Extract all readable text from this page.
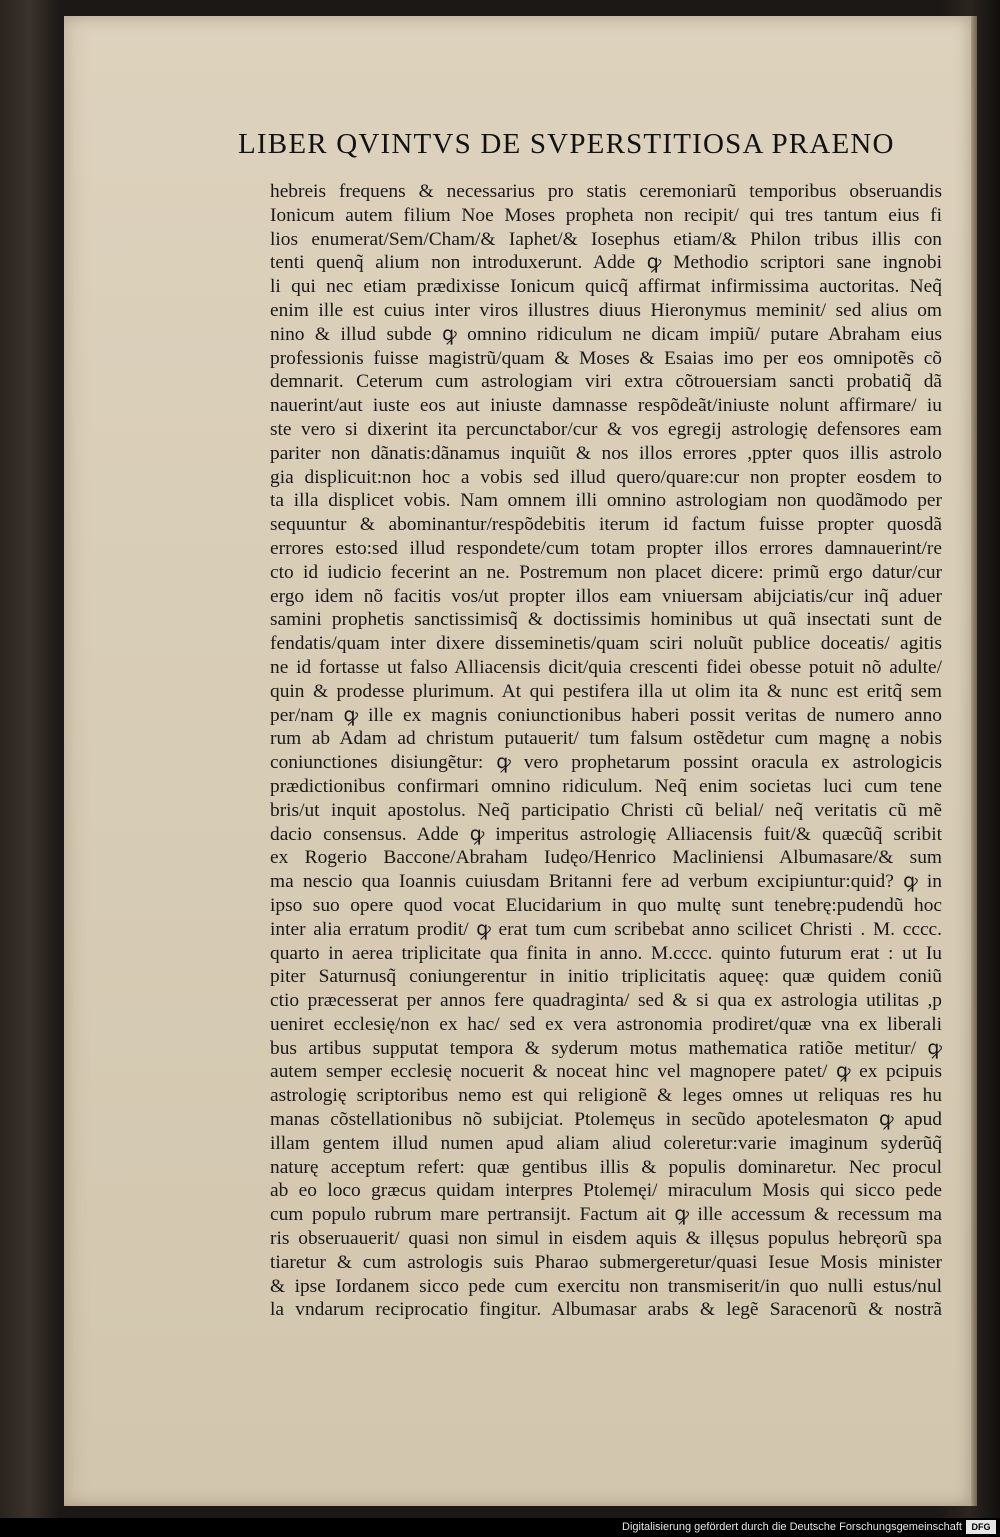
LIBER QVINTVS DE SVPERSTITIOSA PRAENO
hebreis frequens & necessarius pro statis ceremoniarũ temporibus obseruandis
Ionicum autem filium Noe Moses propheta non recipit/ qui tres tantum eius fi
lios enumerat/Sem/Cham/& Iaphet/& Iosephus etiam/& Philon tribus illis con
tenti quenq̃ alium non introduxerunt. Adde ꝙ Methodio scriptori sane ingnobi
li qui nec etiam prædixisse Ionicum quicq̃ affirmat infirmissima auctoritas. Neq̃
enim ille est cuius inter viros illustres diuus Hieronymus meminit/ sed alius om
nino & illud subde ꝙ omnino ridiculum ne dicam impiũ/ putare Abraham eius
professionis fuisse magistrũ/quam & Moses & Esaias imo per eos omnipotẽs cõ
demnarit. Ceterum cum astrologiam viri extra cõtrouersiam sancti probatiq̃ dã
nauerint/aut iuste eos aut iniuste damnasse respõdeãt/iniuste nolunt affirmare/ iu
ste vero si dixerint ita percunctabor/cur & vos egregij astrologię defensores eam
pariter non dãnatis:dãnamus inquiũt & nos illos errores ,ppter quos illis astrolo
gia displicuit:non hoc a vobis sed illud quero/quare:cur non propter eosdem to
ta illa displicet vobis. Nam omnem illi omnino astrologiam non quodãmodo per
sequuntur & abominantur/respõdebitis iterum id factum fuisse propter quosdã
errores esto:sed illud respondete/cum totam propter illos errores damnauerint/re
cto id iudicio fecerint an ne. Postremum non placet dicere: primũ ergo datur/cur
ergo idem nõ facitis vos/ut propter illos eam vniuersam abijciatis/cur inq̃ aduer
samini prophetis sanctissimisq̃ & doctissimis hominibus ut quã insectati sunt de
fendatis/quam inter dixere disseminetis/quam sciri noluũt publice doceatis/ agitis
ne id fortasse ut falso Alliacensis dicit/quia crescenti fidei obesse potuit nõ adulte/
quin & prodesse plurimum. At qui pestifera illa ut olim ita & nunc est eritq̃ sem
per/nam ꝙ ille ex magnis coniunctionibus haberi possit veritas de numero anno
rum ab Adam ad christum putauerit/ tum falsum ostẽdetur cum magnę a nobis
coniunctiones disiungẽtur: ꝙ vero prophetarum possint oracula ex astrologicis
prædictionibus confirmari omnino ridiculum. Neq̃ enim societas luci cum tene
bris/ut inquit apostolus. Neq̃ participatio Christi cũ belial/ neq̃ veritatis cũ mẽ
dacio consensus. Adde ꝙ imperitus astrologię Alliacensis fuit/& quæcũq̃ scribit
ex Rogerio Baccone/Abraham Iudęo/Henrico Macliniensi Albumasare/& sum
ma nescio qua Ioannis cuiusdam Britanni fere ad verbum excipiuntur:quid? ꝙ in
ipso suo opere quod vocat Elucidarium in quo multę sunt tenebrę:pudendũ hoc
inter alia erratum prodit/ ꝙ erat tum cum scribebat anno scilicet Christi . M. cccc.
quarto in aerea triplicitate qua finita in anno. M.cccc. quinto futurum erat : ut Iu
piter Saturnusq̃ coniungerentur in initio triplicitatis aqueę: quæ quidem coniũ
ctio præcesserat per annos fere quadraginta/ sed & si qua ex astrologia utilitas ,p
ueniret ecclesię/non ex hac/ sed ex vera astronomia prodiret/quæ vna ex liberali
bus artibus supputat tempora & syderum motus mathematica ratiõe metitur/ ꝙ
autem semper ecclesię nocuerit & noceat hinc vel magnopere patet/ ꝙ ex pcipuis
astrologię scriptoribus nemo est qui religionẽ & leges omnes ut reliquas res hu
manas cõstellationibus nõ subijciat. Ptolemęus in secũdo apotelesmaton ꝙ apud
illam gentem illud numen apud aliam aliud coleretur:varie imaginum syderũq̃
naturę acceptum refert: quæ gentibus illis & populis dominaretur. Nec procul
ab eo loco græcus quidam interpres Ptolemęi/ miraculum Mosis qui sicco pede
cum populo rubrum mare pertransijt. Factum ait ꝙ ille accessum & recessum ma
ris obseruauerit/ quasi non simul in eisdem aquis & illęsus populus hebręorũ spa
tiaretur & cum astrologis suis Pharao submergeretur/quasi Iesue Mosis minister
& ipse Iordanem sicco pede cum exercitu non transmiserit/in quo nulli estus/nul
la vndarum reciprocatio fingitur. Albumasar arabs & legẽ Saracenorũ & nostrã
Digitalisierung gefördert durch die Deutsche Forschungsgemeinschaft	DFG
